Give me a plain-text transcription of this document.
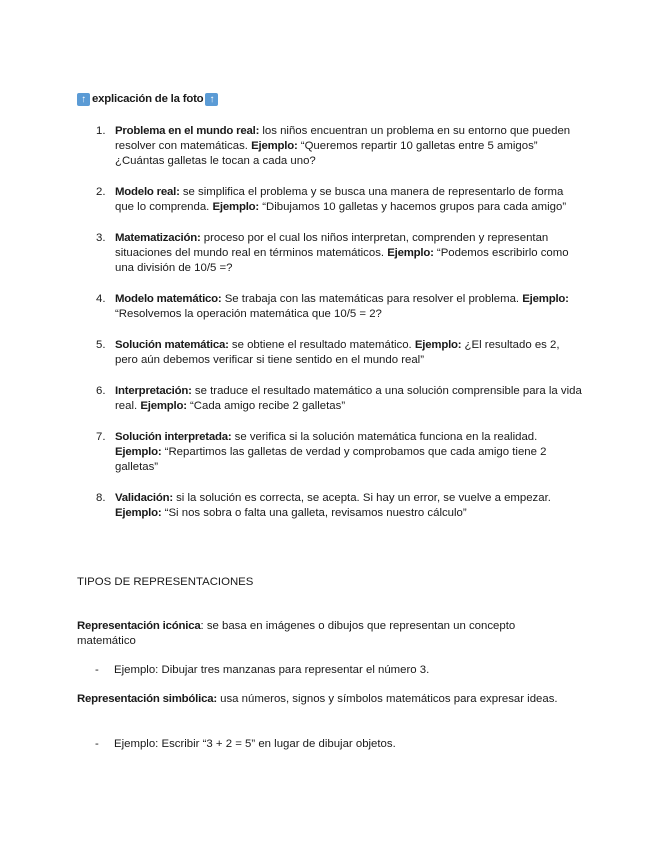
↑ explicación de la foto ↑
1. Problema en el mundo real: los niños encuentran un problema en su entorno que pueden resolver con matemáticas. Ejemplo: “Queremos repartir 10 galletas entre 5 amigos” ¿Cuántas galletas le tocan a cada uno?
2. Modelo real: se simplifica el problema y se busca una manera de representarlo de forma que lo comprenda. Ejemplo: “Dibujamos 10 galletas y hacemos grupos para cada amigo”
3. Matematización: proceso por el cual los niños interpretan, comprenden y representan situaciones del mundo real en términos matemáticos. Ejemplo: “Podemos escribirlo como una división de 10/5 =?
4. Modelo matemático: Se trabaja con las matemáticas para resolver el problema. Ejemplo: “Resolvemos la operación matemática que 10/5 = 2?
5. Solución matemática: se obtiene el resultado matemático. Ejemplo: ¿El resultado es 2, pero aún debemos verificar si tiene sentido en el mundo real”
6. Interpretación: se traduce el resultado matemático a una solución comprensible para la vida real. Ejemplo: “Cada amigo recibe 2 galletas”
7. Solución interpretada: se verifica si la solución matemática funciona en la realidad. Ejemplo: “Repartimos las galletas de verdad y comprobamos que cada amigo tiene 2 galletas”
8. Validación: si la solución es correcta, se acepta. Si hay un error, se vuelve a empezar. Ejemplo: “Si nos sobra o falta una galleta, revisamos nuestro cálculo”
TIPOS DE REPRESENTACIONES
Representación icónica: se basa en imágenes o dibujos que representan un concepto matemático
- Ejemplo: Dibujar tres manzanas para representar el número 3.
Representación simbólica: usa números, signos y símbolos matemáticos para expresar ideas.
- Ejemplo: Escribir “3 + 2 = 5” en lugar de dibujar objetos.
